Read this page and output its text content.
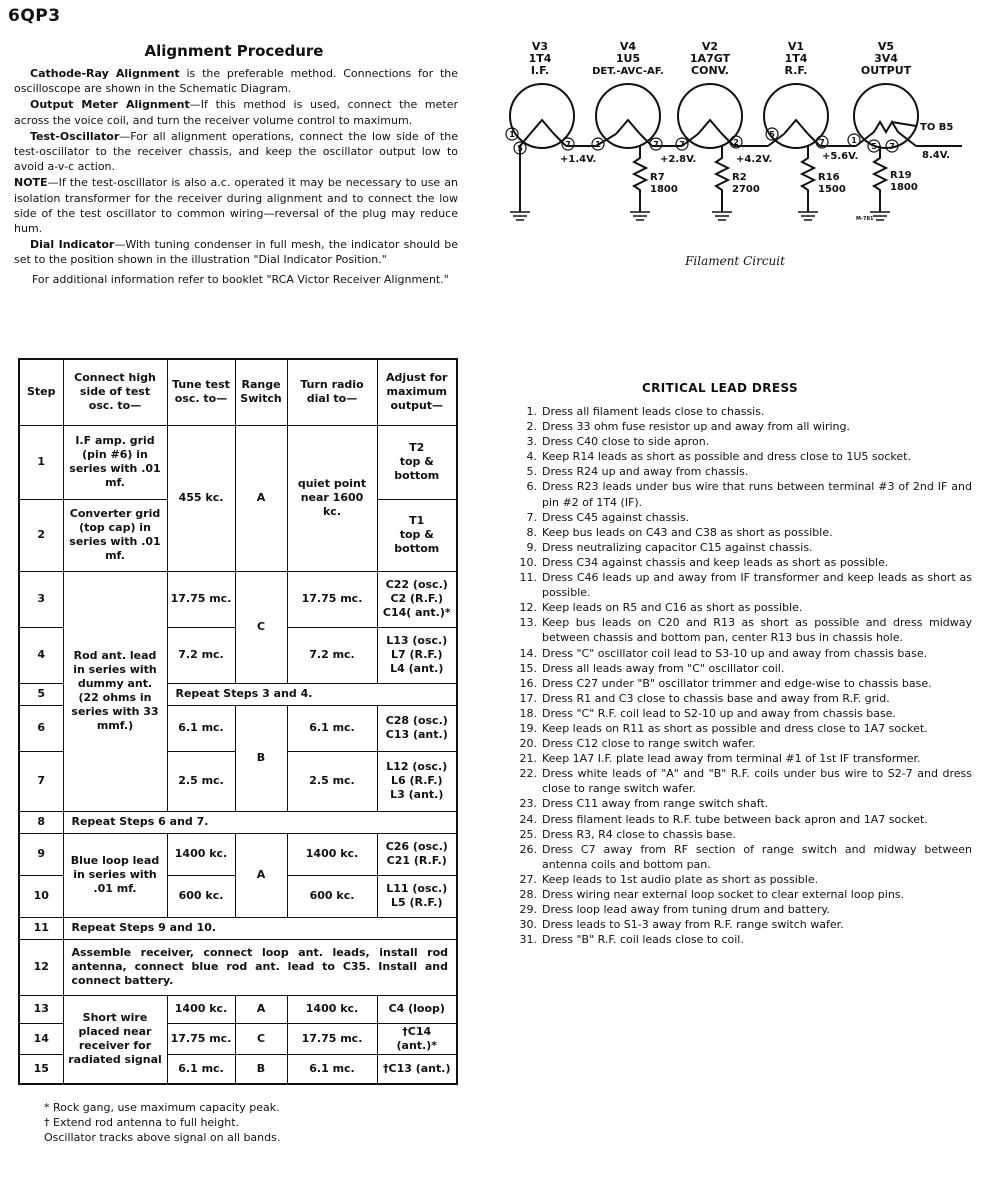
6QP3
Alignment Procedure

Cathode-Ray Alignment is the preferable method. Connections for the oscilloscope are shown in the Schematic Diagram.

Output Meter Alignment—If this method is used, connect the meter across the voice coil, and turn the receiver volume control to maximum.

Test-Oscillator—For all alignment operations, connect the low side of the test-oscillator to the receiver chassis, and keep the oscillator output low to avoid a-v-c action.

NOTE—If the test-oscillator is also a.c. operated it may be necessary to use an isolation transformer for the receiver during alignment and to connect the low side of the test oscillator to common wiring—reversal of the plug may reduce hum.

Dial Indicator—With tuning condenser in full mesh, the indicator should be set to the position shown in the illustration "Dial Indicator Position."

For additional information refer to booklet "RCA Victor Receiver Alignment."

Step	Connect high side of test osc. to—	Tune test osc. to—	Range Switch	Turn radio dial to—	Adjust for maximum output—
1	I.F amp. grid (pin #6) in series with .01 mf.	455 kc.	A	quiet point near 1600 kc.	T2
top & bottom

2	Converter grid (top cap) in series with .01 mf.				T1
top & bottom

3	Rod ant. lead in series with dummy ant. (22 ohms in series with 33 mmf.)	17.75 mc.	C	17.75 mc.	C22 (osc.)
C2 (R.F.)
C14( ant.)*

4		7.2 mc.		7.2 mc.	L13 (osc.)
L7 (R.F.)
L4 (ant.)

5		Repeat Steps 3 and 4.			
6		6.1 mc.	B	6.1 mc.	C28 (osc.)
C13 (ant.)

7		2.5 mc.		2.5 mc.	L12 (osc.)
L6 (R.F.)
L3 (ant.)

8	Repeat Steps 6 and 7.				
9	Blue loop lead in series with .01 mf.	1400 kc.	A	1400 kc.	C26 (osc.)
C21 (R.F.)

10		600 kc.		600 kc.	L11 (osc.)
L5 (R.F.)

11	Repeat Steps 9 and 10.				
12	Assemble receiver, connect loop ant. leads, install rod antenna, connect blue rod ant. lead to C35. Install and connect battery.				
13	Short wire placed near receiver for radiated signal	1400 kc.	A	1400 kc.	C4 (loop)
14		17.75 mc.	C	17.75 mc.	†C14 (ant.)*
15		6.1 mc.	B	6.1 mc.	†C13 (ant.)
* Rock gang, use maximum capacity peak.
† Extend rod antenna to full height.
Oscillator tracks above signal on all bands.
V3
1T4
I.F.
V4
1U5
DET.-AVC-AF.
V2
1A7GT
CONV.
V1
1T4
R.F.
V5
3V4
OUTPUT
1
5	7	1	7	7	2
5
7	1
5 7
+1.4V.	+2.8V.	+4.2V.	+5.6V.	8.4V.
TO B5
R7
1800
R2
2700
R16
1500
R19
1800
M-781
Filament Circuit
CRITICAL LEAD DRESS
1. Dress all filament leads close to chassis.
2. Dress 33 ohm fuse resistor up and away from all wiring.
3. Dress C40 close to side apron.
4. Keep R14 leads as short as possible and dress close to 1U5 socket.
5. Dress R24 up and away from chassis.
6. Dress R23 leads under bus wire that runs between terminal #3 of 2nd IF and pin #2 of 1T4 (IF).
7. Dress C45 against chassis.
8. Keep bus leads on C43 and C38 as short as possible.
9. Dress neutralizing capacitor C15 against chassis.
10. Dress C34 against chassis and keep leads as short as possible.
11. Dress C46 leads up and away from IF transformer and keep leads as short as possible.
12. Keep leads on R5 and C16 as short as possible.
13. Keep bus leads on C20 and R13 as short as possible and dress midway between chassis and bottom pan, center R13 bus in chassis hole.
14. Dress "C" oscillator coil lead to S3-10 up and away from chassis base.
15. Dress all leads away from "C" oscillator coil.
16. Dress C27 under "B" oscillator trimmer and edge-wise to chassis base.
17. Dress R1 and C3 close to chassis base and away from R.F. grid.
18. Dress "C" R.F. coil lead to S2-10 up and away from chassis base.
19. Keep leads on R11 as short as possible and dress close to 1A7 socket.
20. Dress C12 close to range switch wafer.
21. Keep 1A7 I.F. plate lead away from terminal #1 of 1st IF transformer.
22. Dress white leads of "A" and "B" R.F. coils under bus wire to S2-7 and dress close to range switch wafer.
23. Dress C11 away from range switch shaft.
24. Dress filament leads to R.F. tube between back apron and 1A7 socket.
25. Dress R3, R4 close to chassis base.
26. Dress C7 away from RF section of range switch and midway between antenna coils and bottom pan.
27. Keep leads to 1st audio plate as short as possible.
28. Dress wiring near external loop socket to clear external loop pins.
29. Dress loop lead away from tuning drum and battery.
30. Dress leads to S1-3 away from R.F. range switch wafer.
31. Dress "B" R.F. coil leads close to coil.
